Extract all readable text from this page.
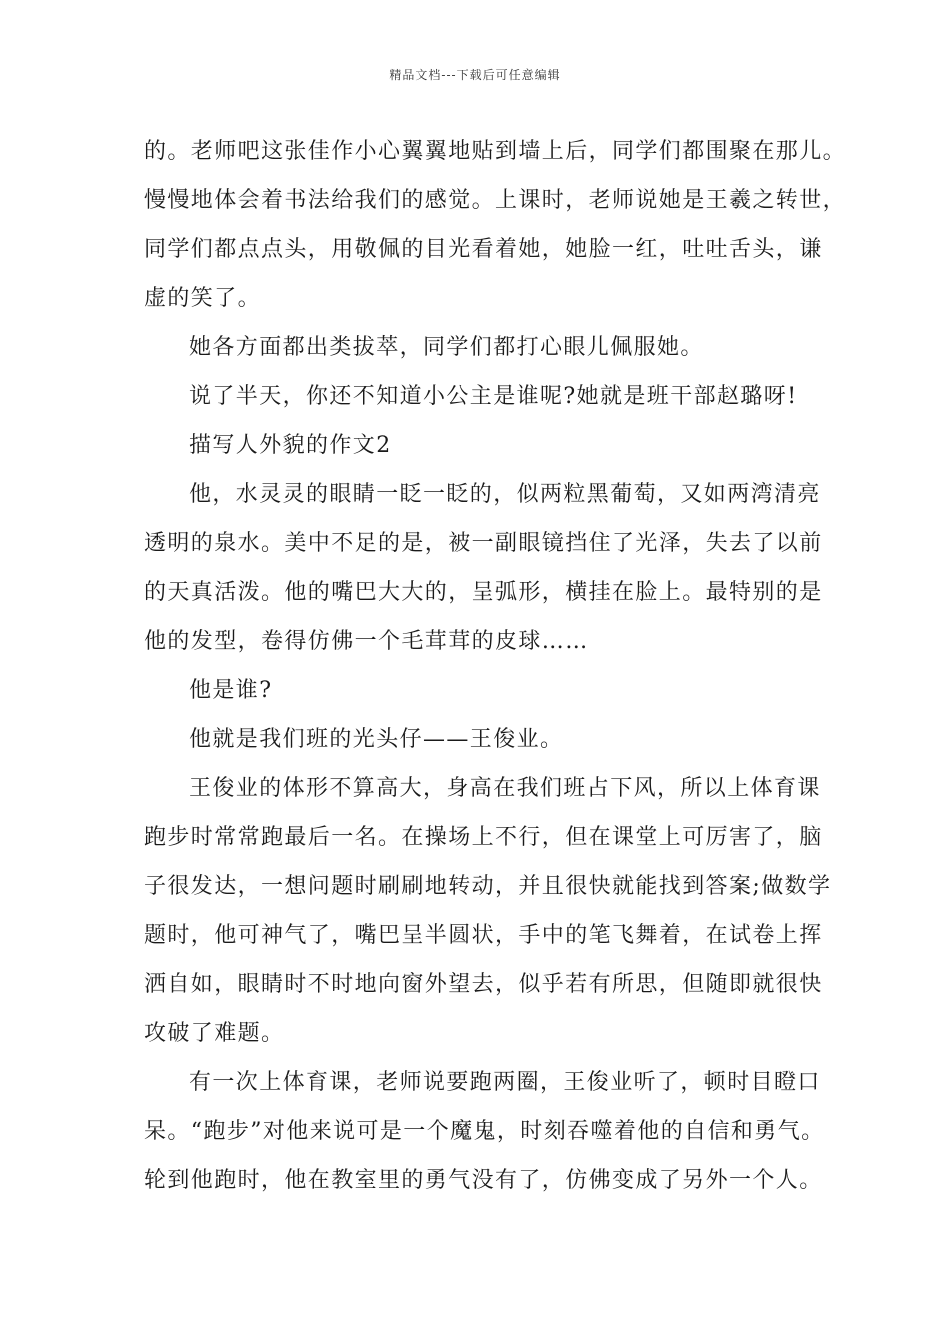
精品文档---下载后可任意编辑
的。老师吧这张佳作小心翼翼地贴到墙上后，同学们都围聚在那儿。
慢慢地体会着书法给我们的感觉。上课时，老师说她是王羲之转世，
同学们都点点头，用敬佩的目光看着她，她脸一红，吐吐舌头，谦
虚的笑了。
她各方面都出类拔萃，同学们都打心眼儿佩服她。
说了半天，你还不知道小公主是谁呢?她就是班干部赵璐呀!
描写人外貌的作文2
他，水灵灵的眼睛一眨一眨的，似两粒黑葡萄，又如两湾清亮
透明的泉水。美中不足的是，被一副眼镜挡住了光泽，失去了以前
的天真活泼。他的嘴巴大大的，呈弧形，横挂在脸上。最特别的是
他的发型，卷得仿佛一个毛茸茸的皮球……
他是谁?
他就是我们班的光头仔——王俊业。
王俊业的体形不算高大，身高在我们班占下风，所以上体育课
跑步时常常跑最后一名。在操场上不行，但在课堂上可厉害了，脑
子很发达，一想问题时刷刷地转动，并且很快就能找到答案;做数学
题时，他可神气了，嘴巴呈半圆状，手中的笔飞舞着，在试卷上挥
洒自如，眼睛时不时地向窗外望去，似乎若有所思，但随即就很快
攻破了难题。
有一次上体育课，老师说要跑两圈，王俊业听了，顿时目瞪口
呆。“跑步”对他来说可是一个魔鬼，时刻吞噬着他的自信和勇气。
轮到他跑时，他在教室里的勇气没有了，仿佛变成了另外一个人。
